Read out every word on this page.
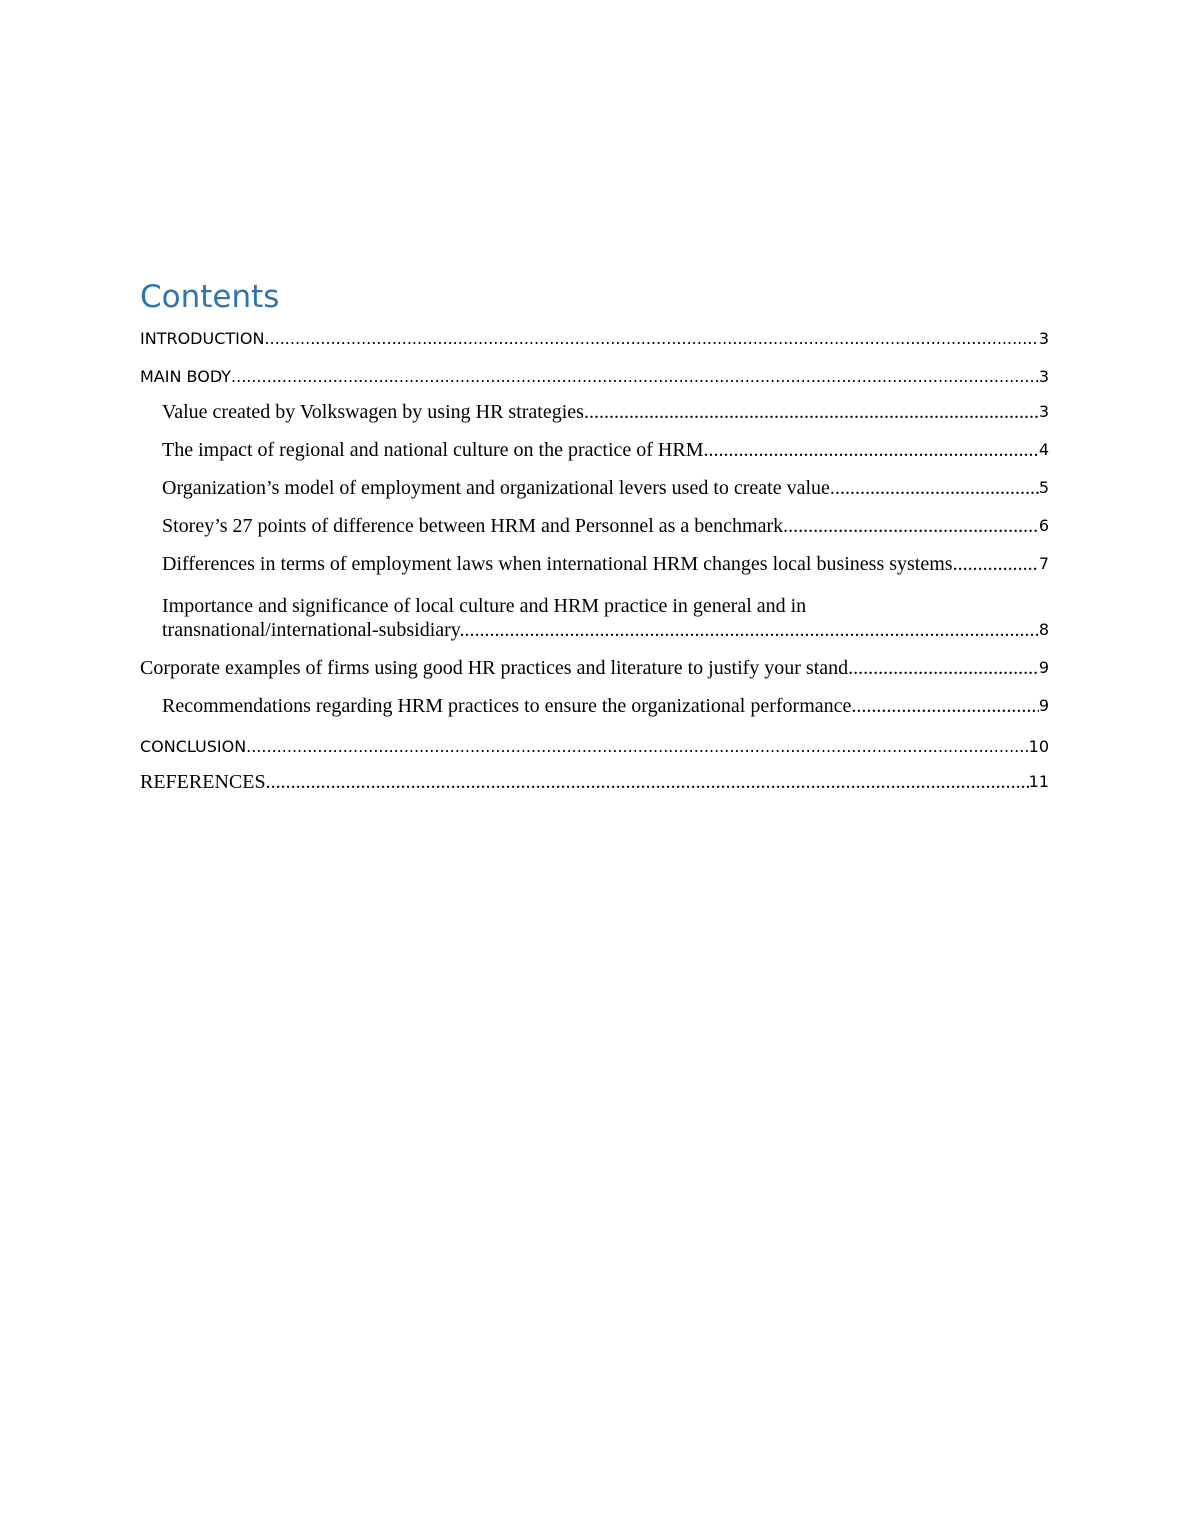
Contents
INTRODUCTION .....	3
MAIN BODY .....	3
Value created by Volkswagen by using HR strategies .....	3
The impact of regional and national culture on the practice of HRM .....	4
Organization’s model of employment and organizational levers used to create value. .....	5
Storey’s 27 points of difference between HRM and Personnel as a benchmark .....	6
Differences in terms of employment laws when international HRM changes local business systems .....	7
Importance and significance of local culture and HRM practice in general and in
transnational/international-subsidiary. .....	8
Corporate examples of firms using good HR practices and literature to justify your stand. .....	9
Recommendations regarding HRM practices to ensure the organizational performance .....	9
CONCLUSION .....	10
REFERENCES .....	11
